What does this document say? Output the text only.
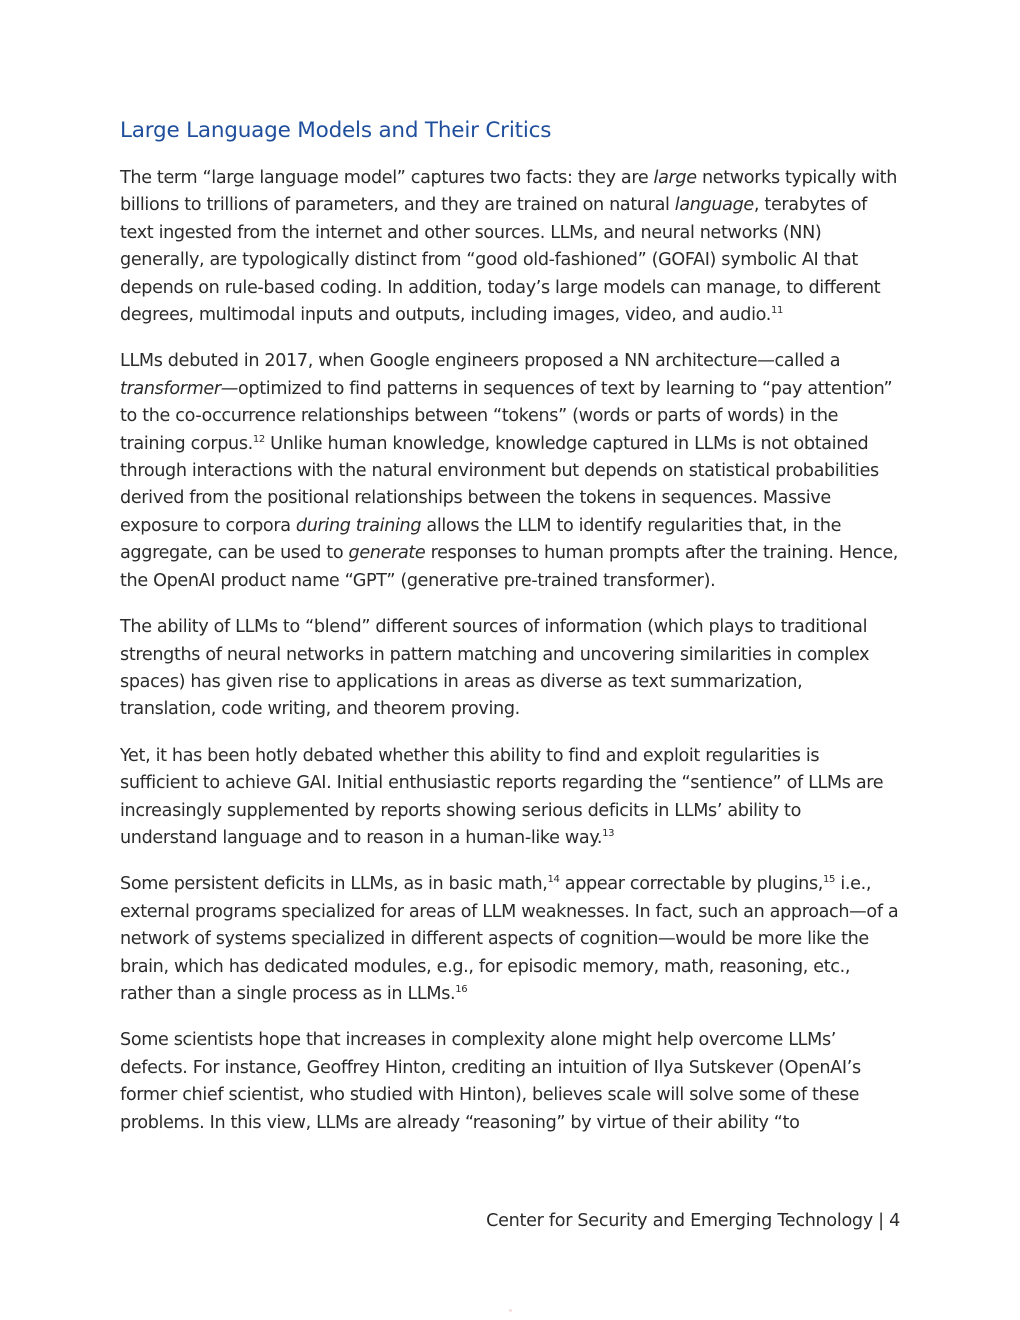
Large Language Models and Their Critics

The term “large language model” captures two facts: they are large networks typically with billions to trillions of parameters, and they are trained on natural language, terabytes of text ingested from the internet and other sources. LLMs, and neural networks (NN) generally, are typologically distinct from “good old-fashioned” (GOFAI) symbolic AI that depends on rule-based coding. In addition, today’s large models can manage, to different degrees, multimodal inputs and outputs, including images, video, and audio.$^{11}$

LLMs debuted in 2017, when Google engineers proposed a NN architecture—called a transformer—optimized to find patterns in sequences of text by learning to “pay attention” to the co-occurrence relationships between “tokens” (words or parts of words) in the training corpus.$^{12}$ Unlike human knowledge, knowledge captured in LLMs is not obtained through interactions with the natural environment but depends on statistical probabilities derived from the positional relationships between the tokens in sequences. Massive exposure to corpora during training allows the LLM to identify regularities that, in the aggregate, can be used to generate responses to human prompts after the training. Hence, the OpenAI product name “GPT” (generative pre-trained transformer).

The ability of LLMs to “blend” different sources of information (which plays to traditional strengths of neural networks in pattern matching and uncovering similarities in complex spaces) has given rise to applications in areas as diverse as text summarization, translation, code writing, and theorem proving.

Yet, it has been hotly debated whether this ability to find and exploit regularities is sufficient to achieve GAI. Initial enthusiastic reports regarding the “sentience” of LLMs are increasingly supplemented by reports showing serious deficits in LLMs’ ability to understand language and to reason in a human-like way.$^{13}$

Some persistent deficits in LLMs, as in basic math,$^{14}$ appear correctable by plugins,$^{15}$ i.e., external programs specialized for areas of LLM weaknesses. In fact, such an approach—of a network of systems specialized in different aspects of cognition—would be more like the brain, which has dedicated modules, e.g., for episodic memory, math, reasoning, etc., rather than a single process as in LLMs.$^{16}$

Some scientists hope that increases in complexity alone might help overcome LLMs’ defects. For instance, Geoffrey Hinton, crediting an intuition of Ilya Sutskever (OpenAI’s former chief scientist, who studied with Hinton), believes scale will solve some of these problems. In this view, LLMs are already “reasoning” by virtue of their ability “to

Center for Security and Emerging Technology | 4
